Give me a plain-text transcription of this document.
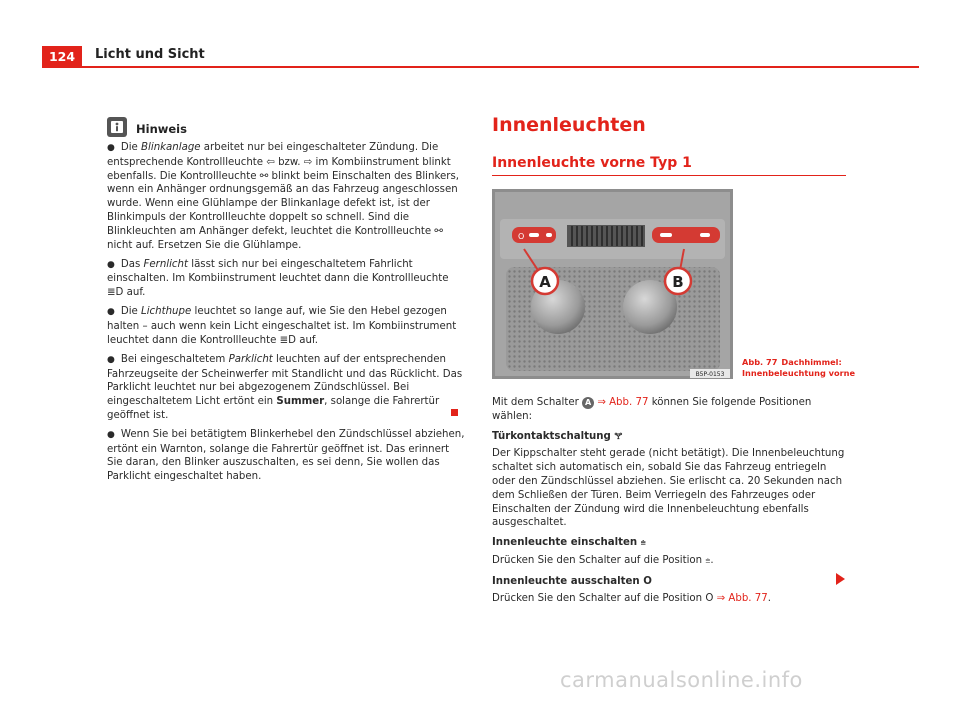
124	Licht und Sicht
Hinweis

● Die Blinkanlage arbeitet nur bei eingeschalteter Zündung. Die entsprechende Kontrollleuchte ⇦ bzw. ⇨ im Kombiinstrument blinkt ebenfalls. Die Kontrollleuchte ⚯ blinkt beim Einschalten des Blinkers, wenn ein Anhänger ordnungsgemäß an das Fahrzeug angeschlossen wurde. Wenn eine Glühlampe der Blinkanlage defekt ist, ist der Blinkimpuls der Kontrollleuchte doppelt so schnell. Sind die Blinkleuchten am Anhänger defekt, leuchtet die Kontrollleuchte ⚯ nicht auf. Ersetzen Sie die Glühlampe.

● Das Fernlicht lässt sich nur bei eingeschaltetem Fahrlicht einschalten. Im Kombiinstrument leuchtet dann die Kontrollleuchte ≣D auf.

● Die Lichthupe leuchtet so lange auf, wie Sie den Hebel gezogen halten – auch wenn kein Licht eingeschaltet ist. Im Kombiinstrument leuchtet dann die Kontrollleuchte ≣D auf.

● Bei eingeschaltetem Parklicht leuchten auf der entsprechenden Fahrzeugseite der Scheinwerfer mit Standlicht und das Rücklicht. Das Parklicht leuchtet nur bei abgezogenem Zündschlüssel. Bei eingeschaltetem Licht ertönt ein Summer, solange die Fahrertür geöffnet ist.

● Wenn Sie bei betätigtem Blinkerhebel den Zündschlüssel abziehen, ertönt ein Warnton, solange die Fahrertür geöffnet ist. Das erinnert Sie daran, den Blinker auszuschalten, es sei denn, Sie wollen das Parklicht eingeschaltet haben.

Innenleuchten
Innenleuchte vorne Typ 1
O
A	B
B5P-0153
Abb. 77 Dachhimmel:
Innenbeleuchtung vorne

Mit dem Schalter A ⇒ Abb. 77 können Sie folgende Positionen wählen:

Türkontaktschaltung 🝖

Der Kippschalter steht gerade (nicht betätigt). Die Innenbeleuchtung schaltet sich automatisch ein, sobald Sie das Fahrzeug entriegeln oder den Zündschlüssel abziehen. Sie erlischt ca. 20 Sekunden nach dem Schließen der Türen. Beim Verriegeln des Fahrzeuges oder Einschalten der Zündung wird die Innenbeleuchtung ebenfalls ausgeschaltet.

Innenleuchte einschalten ⩧

Drücken Sie den Schalter auf die Position ⩧.

Innenleuchte ausschalten O

Drücken Sie den Schalter auf die Position O ⇒ Abb. 77.

carmanualsonline.info
